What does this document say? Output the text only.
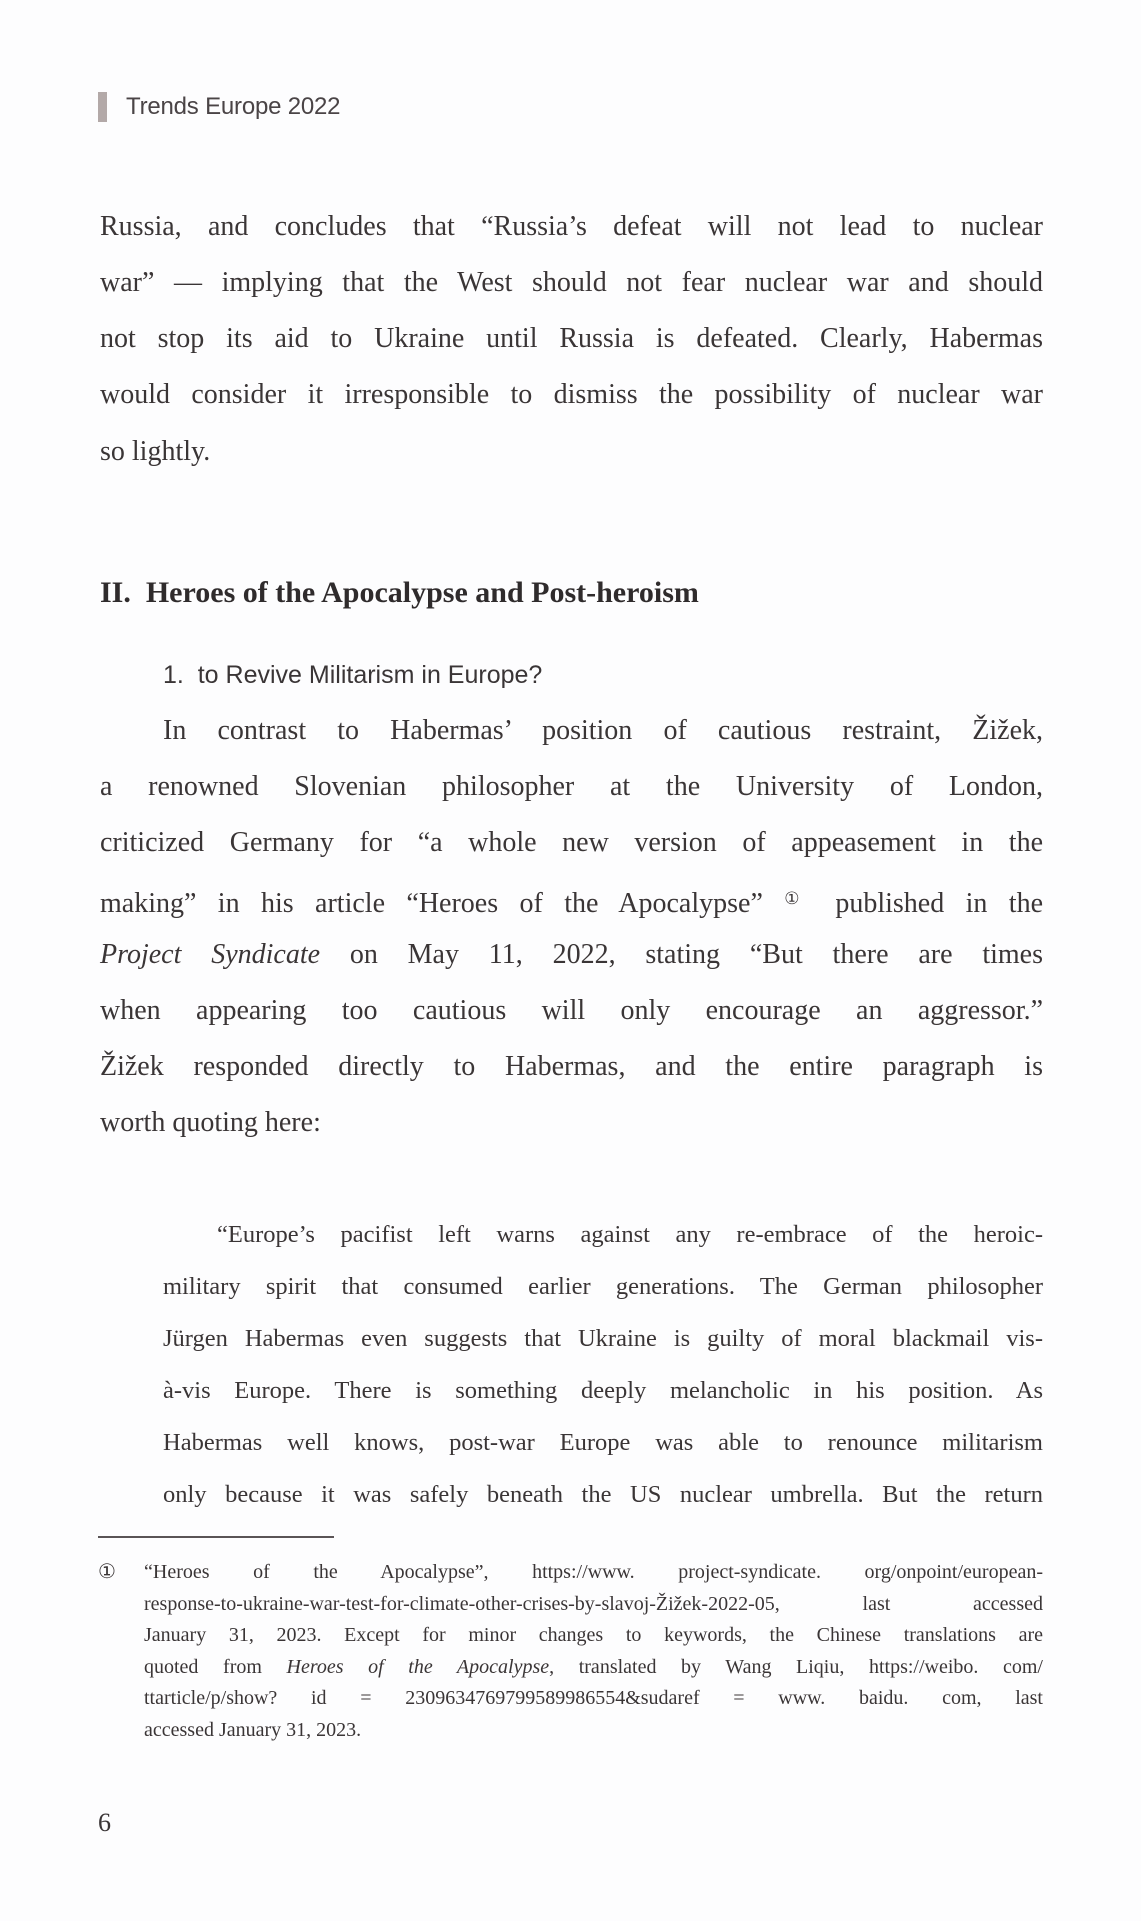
Trends Europe 2022
Russia, and concludes that “Russia’s defeat will not lead to nuclear
war” — implying that the West should not fear nuclear war and should
not stop its aid to Ukraine until Russia is defeated. Clearly, Habermas
would consider it irresponsible to dismiss the possibility of nuclear war
so lightly.
II.  Heroes of the Apocalypse and Post-heroism
1.  to Revive Militarism in Europe?
In contrast to Habermas’ position of cautious restraint, Žižek,
a renowned Slovenian philosopher at the University of London,
criticized Germany for “a whole new version of appeasement in the
making” in his article “Heroes of the Apocalypse” ① published in the
Project Syndicate on May 11, 2022, stating “But there are times
when appearing too cautious will only encourage an aggressor.”
Žižek responded directly to Habermas, and the entire paragraph is
worth quoting here:
“Europe’s pacifist left warns against any re-embrace of the heroic-
military spirit that consumed earlier generations. The German philosopher
Jürgen Habermas even suggests that Ukraine is guilty of moral blackmail vis-
à-vis Europe. There is something deeply melancholic in his position. As
Habermas well knows, post-war Europe was able to renounce militarism
only because it was safely beneath the US nuclear umbrella. But the return
① “Heroes of the Apocalypse”, https://www. project-syndicate. org/onpoint/european-
response-to-ukraine-war-test-for-climate-other-crises-by-slavoj-Žižek-2022-05, last accessed
January 31, 2023. Except for minor changes to keywords, the Chinese translations are
quoted from Heroes of the Apocalypse, translated by Wang Liqiu, https://weibo. com/
ttarticle/p/show? id = 2309634769799589986554&sudaref = www. baidu. com, last
accessed January 31, 2023.
6
